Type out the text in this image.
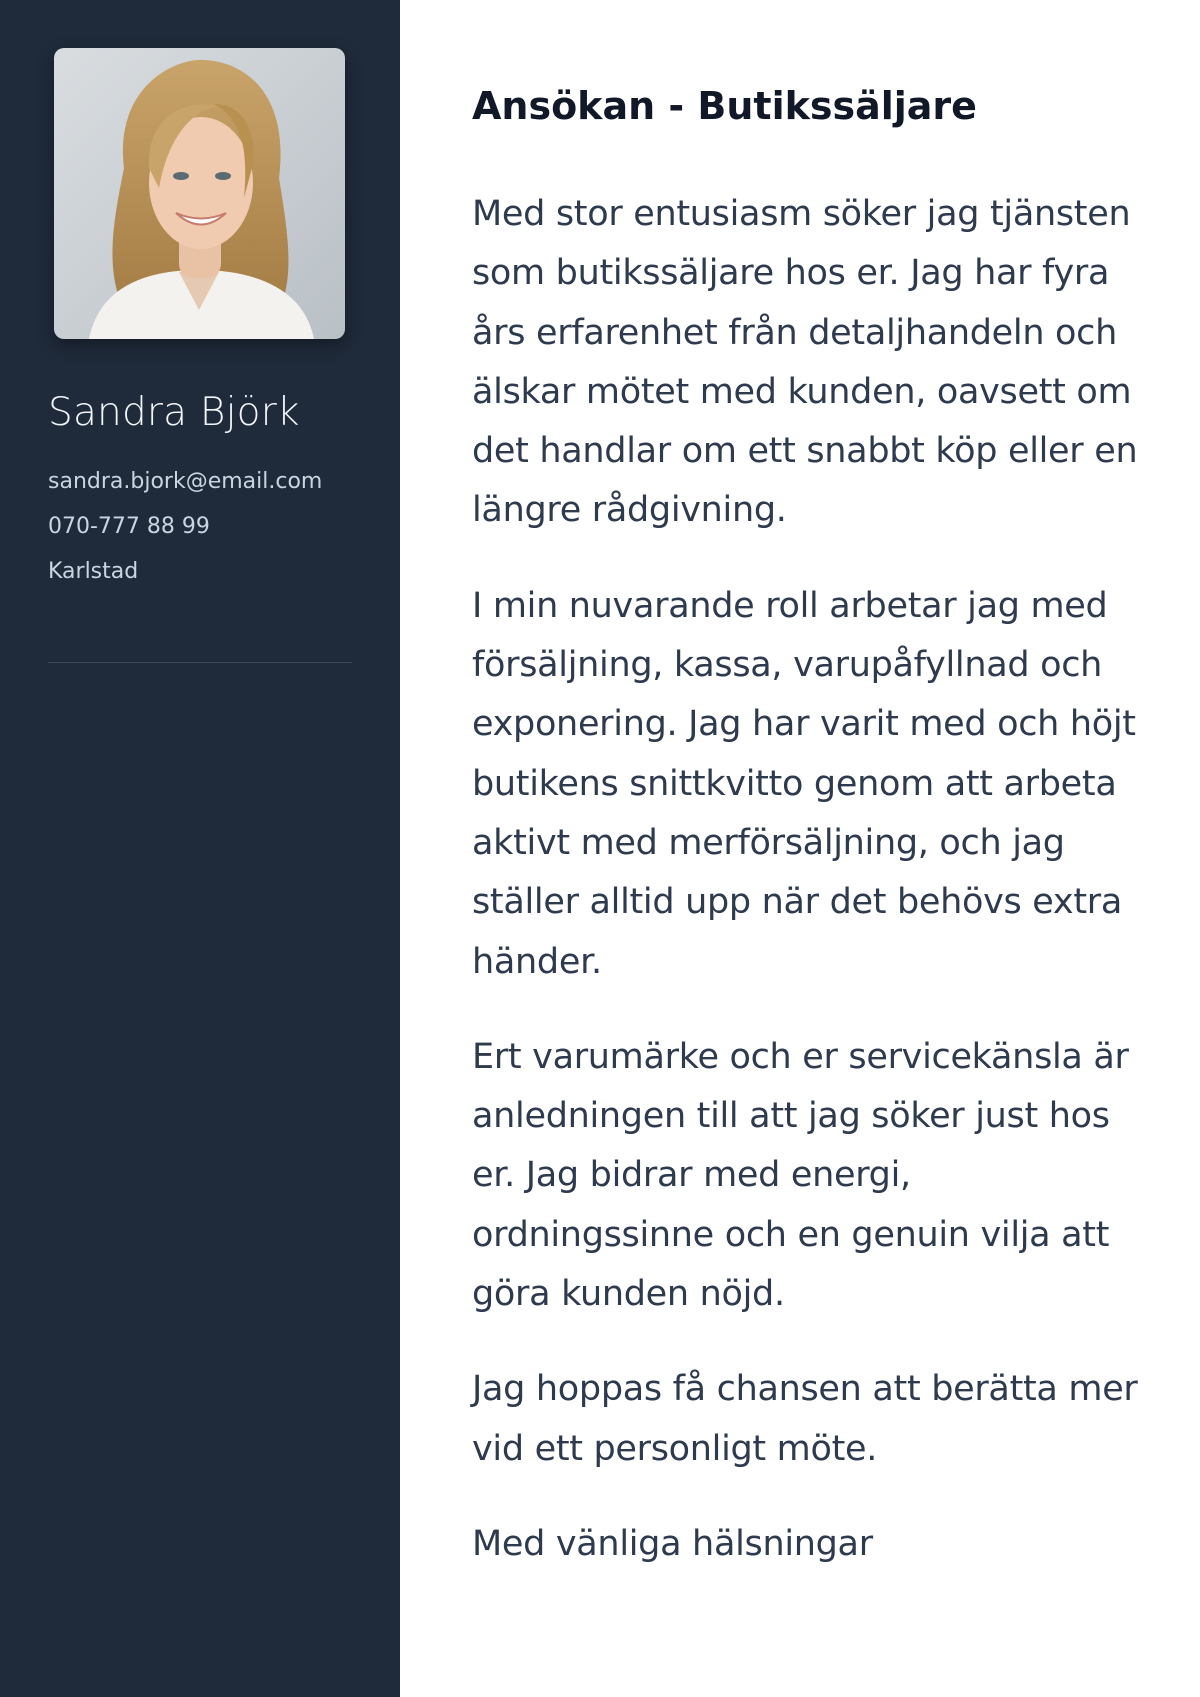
Sandra Björk
sandra.bjork@email.com
070-777 88 99
Karlstad
Ansökan - Butikssäljare

Med stor entusiasm söker jag tjänsten som butikssäljare hos er. Jag har fyra års erfarenhet från detaljhandeln och älskar mötet med kunden, oavsett om det handlar om ett snabbt köp eller en längre rådgivning.

I min nuvarande roll arbetar jag med försäljning, kassa, varupåfyllnad och exponering. Jag har varit med och höjt butikens snittkvitto genom att arbeta aktivt med merförsäljning, och jag ställer alltid upp när det behövs extra händer.

Ert varumärke och er servicekänsla är anledningen till att jag söker just hos er. Jag bidrar med energi, ordningssinne och en genuin vilja att göra kunden nöjd.

Jag hoppas få chansen att berätta mer vid ett personligt möte.

Med vänliga hälsningar
